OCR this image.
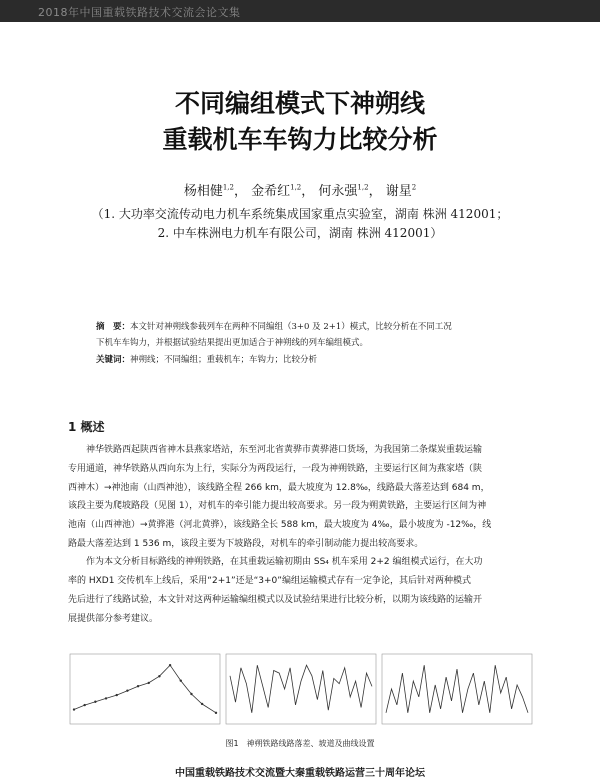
2018年中国重载铁路技术交流会论文集
不同编组模式下神朔线
重载机车车钩力比较分析
杨相健$^{1,2}$， 金希红$^{1,2}$， 何永强$^{1,2}$， 谢星$^2$
（1. 大功率交流传动电力机车系统集成国家重点实验室，湖南 株洲 412001；
2. 中车株洲电力机车有限公司，湖南 株洲 412001）
摘　要：本文针对神朔线参载列车在两种不同编组（3+0 及 2+1）模式，比较分析在不同工况
下机车车钩力，并根据试验结果提出更加适合于神朔线的列车编组模式。
关键词：神朔线；不同编组；重载机车；车钩力；比较分析
1 概述
神华铁路西起陕西省神木县燕家塔站，东至河北省黄骅市黄骅港口货场，为我国第二条煤炭重载运输
专用通道，神华铁路从西向东为上行，实际分为两段运行，一段为神朔铁路，主要运行区间为燕家塔（陕
西神木）→神池南（山西神池），该线路全程 266 km，最大坡度为 12.8‰，线路最大落差达到 684 m，
该段主要为爬坡路段（见图 1），对机车的牵引能力提出较高要求。另一段为朔黄铁路，主要运行区间为神
池南（山西神池）→黄骅港（河北黄骅），该线路全长 588 km，最大坡度为 4‰，最小坡度为 -12‰，线
路最大落差达到 1 536 m，该段主要为下坡路段，对机车的牵引制动能力提出较高要求。
作为本文分析目标路线的神朔铁路，在其重载运输初期由 SS₄ 机车采用 2+2 编组模式运行，在大功
率的 HXD1 交传机车上线后，采用“2+1”还是“3+0”编组运输模式存有一定争论，其后针对两种模式
先后进行了线路试验，本文针对这两种运输编组模式以及试验结果进行比较分析，以期为该线路的运输开
展提供部分参考建议。
图1　神朔铁路线路落差、坡道及曲线设置
中国重载铁路技术交流暨大秦重载铁路运营三十周年论坛
